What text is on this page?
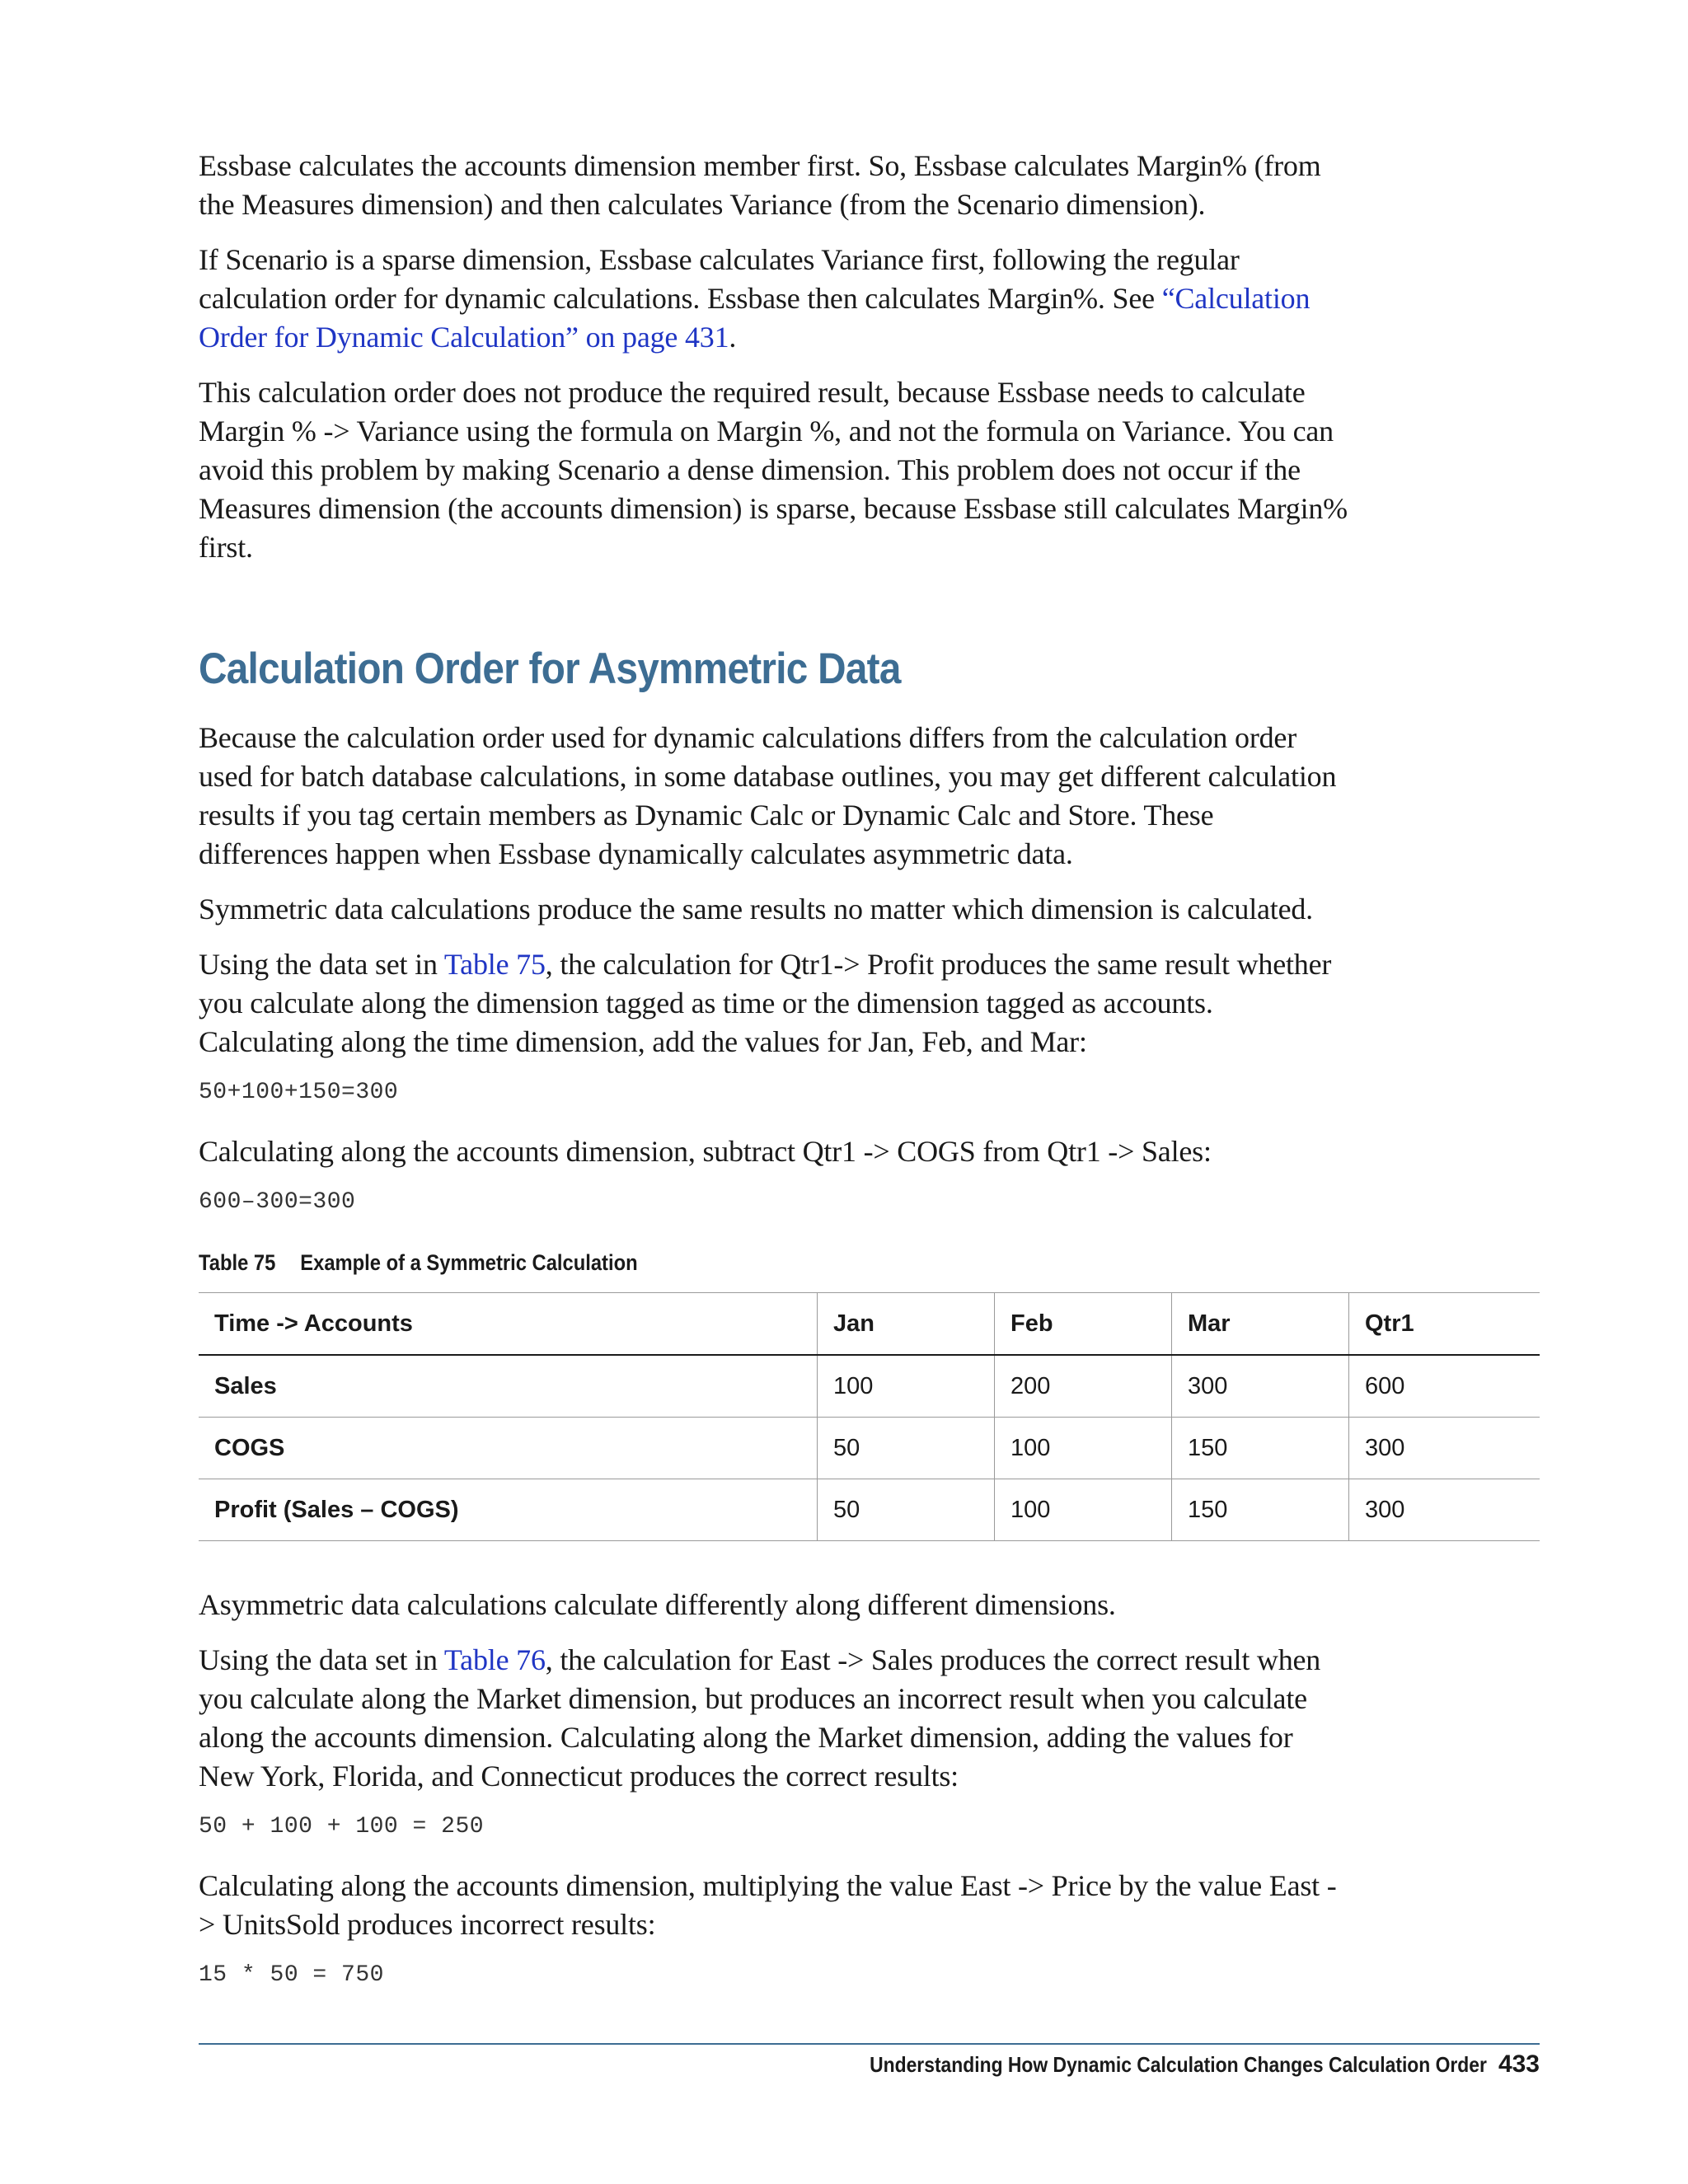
Essbase calculates the accounts dimension member first. So, Essbase calculates Margin% (from the Measures dimension) and then calculates Variance (from the Scenario dimension).

If Scenario is a sparse dimension, Essbase calculates Variance first, following the regular calculation order for dynamic calculations. Essbase then calculates Margin%. See “Calculation Order for Dynamic Calculation” on page 431.

This calculation order does not produce the required result, because Essbase needs to calculate Margin % -> Variance using the formula on Margin %, and not the formula on Variance. You can avoid this problem by making Scenario a dense dimension. This problem does not occur if the Measures dimension (the accounts dimension) is sparse, because Essbase still calculates Margin% first.

Calculation Order for Asymmetric Data

Because the calculation order used for dynamic calculations differs from the calculation order used for batch database calculations, in some database outlines, you may get different calculation results if you tag certain members as Dynamic Calc or Dynamic Calc and Store. These differences happen when Essbase dynamically calculates asymmetric data.

Symmetric data calculations produce the same results no matter which dimension is calculated.

Using the data set in Table 75, the calculation for Qtr1-> Profit produces the same result whether you calculate along the dimension tagged as time or the dimension tagged as accounts. Calculating along the time dimension, add the values for Jan, Feb, and Mar:

50+100+150=300

Calculating along the accounts dimension, subtract Qtr1 -> COGS from Qtr1 -> Sales:

600–300=300
Table 75 Example of a Symmetric Calculation
Time -> Accounts	Jan	Feb	Mar	Qtr1
Sales	100	200	300	600
COGS	50	100	150	300
Profit (Sales – COGS)	50	100	150	300

Asymmetric data calculations calculate differently along different dimensions.

Using the data set in Table 76, the calculation for East -> Sales produces the correct result when you calculate along the Market dimension, but produces an incorrect result when you calculate along the accounts dimension. Calculating along the Market dimension, adding the values for New York, Florida, and Connecticut produces the correct results:

50 + 100 + 100 = 250

Calculating along the accounts dimension, multiplying the value East -> Price by the value East -> UnitsSold produces incorrect results:

15 * 50 = 750
Understanding How Dynamic Calculation Changes Calculation Order 433
